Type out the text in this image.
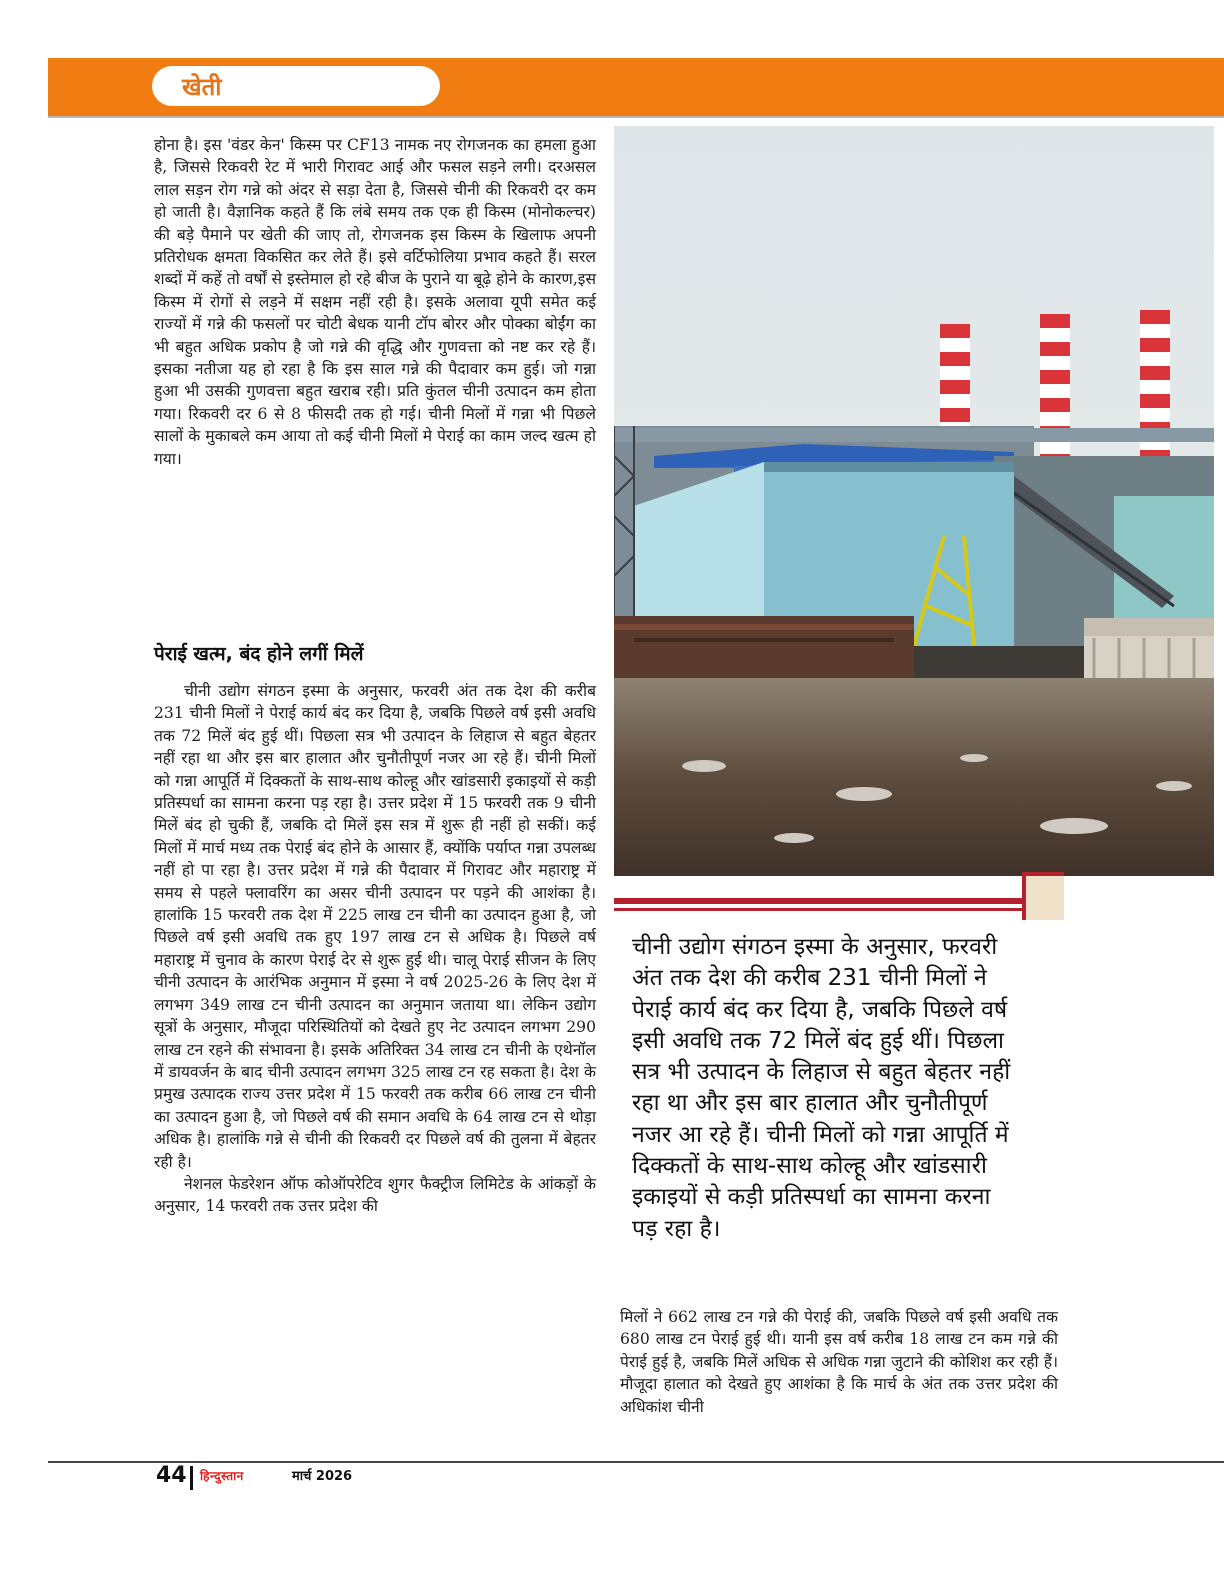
खेती

होना है। इस 'वंडर केन' किस्म पर CF13 नामक नए रोगजनक का हमला हुआ है, जिससे रिकवरी रेट में भारी गिरावट आई और फसल सड़ने लगी। दरअसल लाल सड़न रोग गन्ने को अंदर से सड़ा देता है, जिससे चीनी की रिकवरी दर कम हो जाती है। वैज्ञानिक कहते हैं कि लंबे समय तक एक ही किस्म (मोनोकल्चर) की बड़े पैमाने पर खेती की जाए तो, रोगजनक इस किस्म के खिलाफ अपनी प्रतिरोधक क्षमता विकसित कर लेते हैं। इसे वर्टिफोलिया प्रभाव कहते हैं। सरल शब्दों में कहें तो वर्षों से इस्तेमाल हो रहे बीज के पुराने या बूढ़े होने के कारण,इस किस्म में रोगों से लड़ने में सक्षम नहीं रही है। इसके अलावा यूपी समेत कई राज्यों में गन्ने की फसलों पर चोटी बेधक यानी टॉप बोरर और पोक्का बोईंग का भी बहुत अधिक प्रकोप है जो गन्ने की वृद्धि और गुणवत्ता को नष्ट कर रहे हैं। इसका नतीजा यह हो रहा है कि इस साल गन्ने की पैदावार कम हुई। जो गन्ना हुआ भी उसकी गुणवत्ता बहुत खराब रही। प्रति कुंतल चीनी उत्पादन कम होता गया। रिकवरी दर 6 से 8 फीसदी तक हो गई। चीनी मिलों में गन्ना भी पिछले सालों के मुकाबले कम आया तो कई चीनी मिलों मे पेराई का काम जल्द खत्म हो गया।

पेराई खत्म, बंद होने लगीं मिलें

चीनी उद्योग संगठन इस्मा के अनुसार, फरवरी अंत तक देश की करीब 231 चीनी मिलों ने पेराई कार्य बंद कर दिया है, जबकि पिछले वर्ष इसी अवधि तक 72 मिलें बंद हुई थीं। पिछला सत्र भी उत्पादन के लिहाज से बहुत बेहतर नहीं रहा था और इस बार हालात और चुनौतीपूर्ण नजर आ रहे हैं। चीनी मिलों को गन्ना आपूर्ति में दिक्कतों के साथ-साथ कोल्हू और खांडसारी इकाइयों से कड़ी प्रतिस्पर्धा का सामना करना पड़ रहा है। उत्तर प्रदेश में 15 फरवरी तक 9 चीनी मिलें बंद हो चुकी हैं, जबकि दो मिलें इस सत्र में शुरू ही नहीं हो सकीं। कई मिलों में मार्च मध्य तक पेराई बंद होने के आसार हैं, क्योंकि पर्याप्त गन्ना उपलब्ध नहीं हो पा रहा है। उत्तर प्रदेश में गन्ने की पैदावार में गिरावट और महाराष्ट्र में समय से पहले फ्लावरिंग का असर चीनी उत्पादन पर पड़ने की आशंका है। हालांकि 15 फरवरी तक देश में 225 लाख टन चीनी का उत्पादन हुआ है, जो पिछले वर्ष इसी अवधि तक हुए 197 लाख टन से अधिक है। पिछले वर्ष महाराष्ट्र में चुनाव के कारण पेराई देर से शुरू हुई थी। चालू पेराई सीजन के लिए चीनी उत्पादन के आरंभिक अनुमान में इस्मा ने वर्ष 2025-26 के लिए देश में लगभग 349 लाख टन चीनी उत्पादन का अनुमान जताया था। लेकिन उद्योग सूत्रों के अनुसार, मौजूदा परिस्थितियों को देखते हुए नेट उत्पादन लगभग 290 लाख टन रहने की संभावना है। इसके अतिरिक्त 34 लाख टन चीनी के एथेनॉल में डायवर्जन के बाद चीनी उत्पादन लगभग 325 लाख टन रह सकता है। देश के प्रमुख उत्पादक राज्य उत्तर प्रदेश में 15 फरवरी तक करीब 66 लाख टन चीनी का उत्पादन हुआ है, जो पिछले वर्ष की समान अवधि के 64 लाख टन से थोड़ा अधिक है। हालांकि गन्ने से चीनी की रिकवरी दर पिछले वर्ष की तुलना में बेहतर रही है।

नेशनल फेडरेशन ऑफ कोऑपरेटिव शुगर फैक्ट्रीज लिमिटेड के आंकड़ों के अनुसार, 14 फरवरी तक उत्तर प्रदेश की

चीनी उद्योग संगठन इस्मा के अनुसार, फरवरी अंत तक देश की करीब 231 चीनी मिलों ने पेराई कार्य बंद कर दिया है, जबकि पिछले वर्ष इसी अवधि तक 72 मिलें बंद हुई थीं। पिछला सत्र भी उत्पादन के लिहाज से बहुत बेहतर नहीं रहा था और इस बार हालात और चुनौतीपूर्ण नजर आ रहे हैं। चीनी मिलों को गन्ना आपूर्ति में दिक्कतों के साथ-साथ कोल्हू और खांडसारी इकाइयों से कड़ी प्रतिस्पर्धा का सामना करना पड़ रहा है।

मिलों ने 662 लाख टन गन्ने की पेराई की, जबकि पिछले वर्ष इसी अवधि तक 680 लाख टन पेराई हुई थी। यानी इस वर्ष करीब 18 लाख टन कम गन्ने की पेराई हुई है, जबकि मिलें अधिक से अधिक गन्ना जुटाने की कोशिश कर रही हैं। मौजूदा हालात को देखते हुए आशंका है कि मार्च के अंत तक उत्तर प्रदेश की अधिकांश चीनी

44 हिन्दुस्तान	मार्च 2026
